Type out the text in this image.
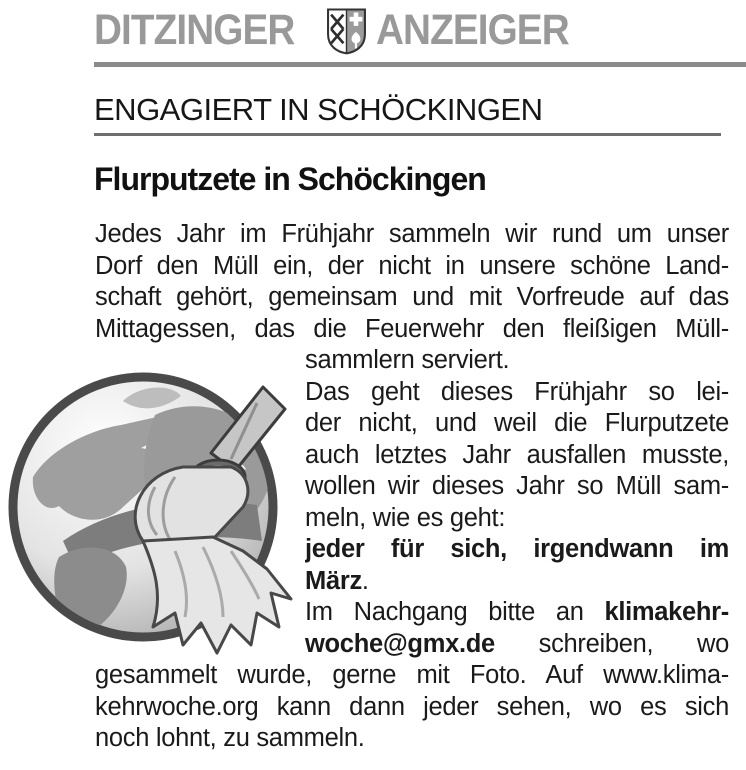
DITZINGER ANZEIGER
ENGAGIERT IN SCHÖCKINGEN
Flurputzete in Schöckingen
Jedes Jahr im Frühjahr sammeln wir rund um unser
Dorf den Müll ein, der nicht in unsere schöne Land-
schaft gehört, gemeinsam und mit Vorfreude auf das
Mittagessen, das die Feuerwehr den fleißigen Müll-
sammlern serviert.
Das geht dieses Frühjahr so lei-
der nicht, und weil die Flurputzete
auch letztes Jahr ausfallen musste,
wollen wir dieses Jahr so Müll sam-
meln, wie es geht:
jeder für sich, irgendwann im
März.
Im Nachgang bitte an klimakehr-
woche@gmx.de schreiben, wo
gesammelt wurde, gerne mit Foto. Auf www.klima-
kehrwoche.org kann dann jeder sehen, wo es sich
noch lohnt, zu sammeln.
